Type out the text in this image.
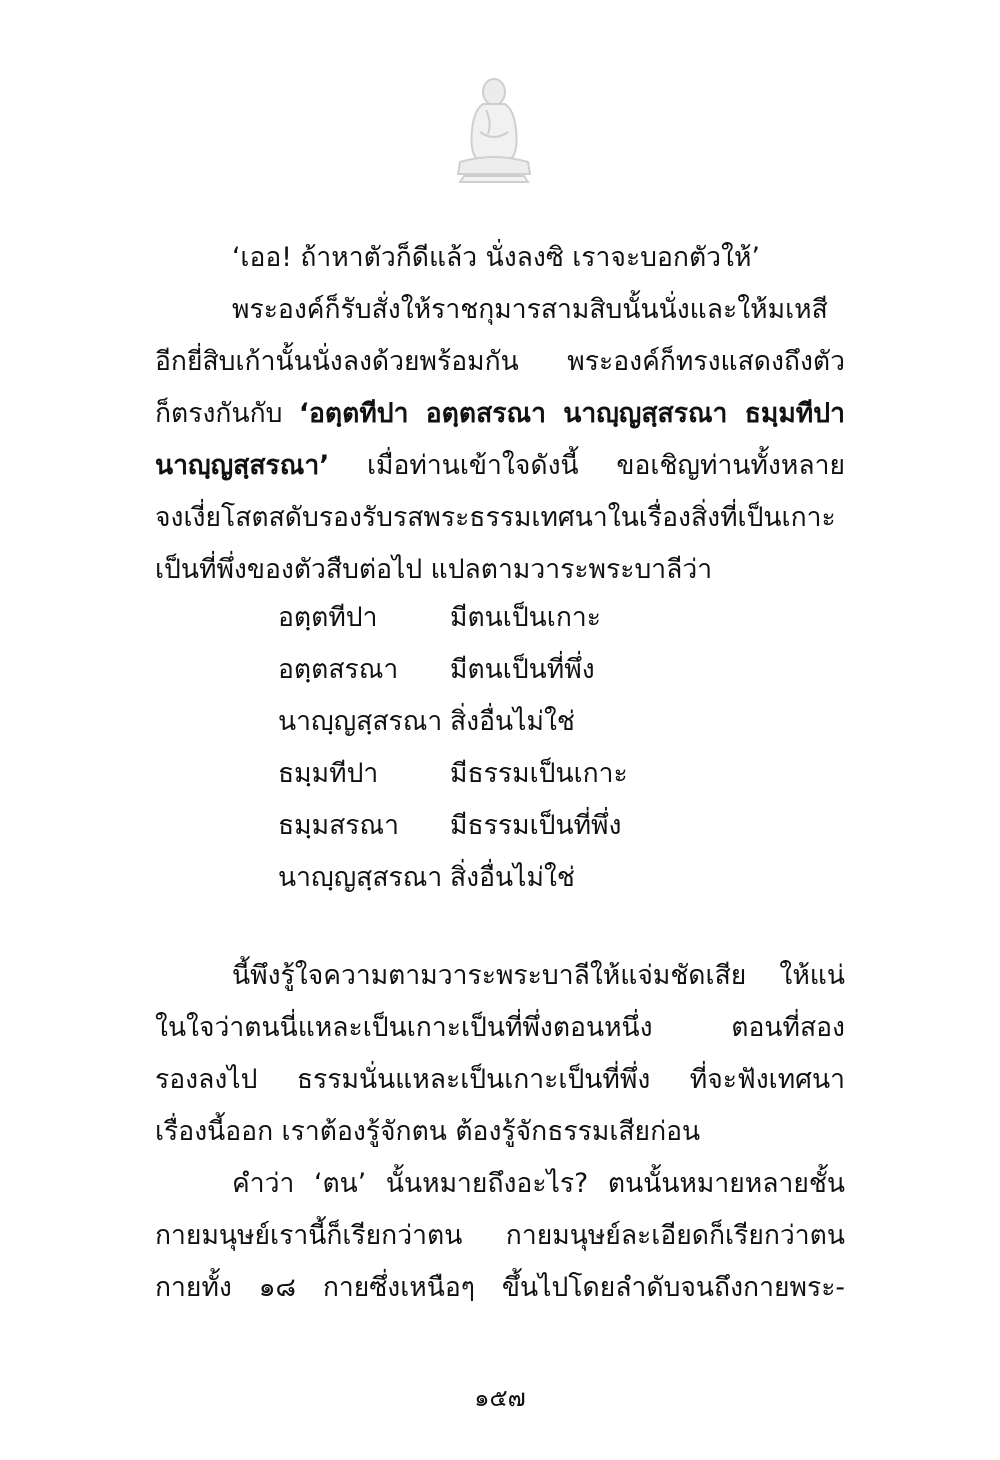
‘เออ! ถ้าหาตัวก็ดีแล้ว นั่งลงซิ เราจะบอกตัวให้’
พระองค์ก็รับสั่งให้ราชกุมารสามสิบนั้นนั่งและให้มเหสี
อีกยี่สิบเก้านั้นนั่งลงด้วยพร้อมกัน พระองค์ก็ทรงแสดงถึงตัว
ก็ตรงกันกับ ‘อตฺตทีปา อตฺตสรณา นาญฺญสฺสรณา ธมฺมทีปา
นาญฺญสฺสรณา’ เมื่อท่านเข้าใจดังนี้ ขอเชิญท่านทั้งหลาย
จงเงี่ยโสตสดับรองรับรสพระธรรมเทศนาในเรื่องสิ่งที่เป็นเกาะ
เป็นที่พึ่งของตัวสืบต่อไป แปลตามวาระพระบาลีว่า
อตฺตทีปา	มีตนเป็นเกาะ
อตฺตสรณา มีตนเป็นที่พึ่ง
นาญฺญสฺสรณา สิ่งอื่นไม่ใช่
ธมฺมทีปา	มีธรรมเป็นเกาะ
ธมฺมสรณา มีธรรมเป็นที่พึ่ง
นาญฺญสฺสรณา สิ่งอื่นไม่ใช่
นี้พึงรู้ใจความตามวาระพระบาลีให้แจ่มชัดเสีย ให้แน่
ในใจว่าตนนี่แหละเป็นเกาะเป็นที่พึ่งตอนหนึ่ง ตอนที่สอง
รองลงไป ธรรมนั่นแหละเป็นเกาะเป็นที่พึ่ง ที่จะฟังเทศนา
เรื่องนี้ออก เราต้องรู้จักตน ต้องรู้จักธรรมเสียก่อน
คำว่า ‘ตน’ นั้นหมายถึงอะไร? ตนนั้นหมายหลายชั้น
กายมนุษย์เรานี้ก็เรียกว่าตน กายมนุษย์ละเอียดก็เรียกว่าตน
กายทั้ง ๑๘ กายซึ่งเหนือๆ ขึ้นไปโดยลำดับจนถึงกายพระ-
๑๕๗
